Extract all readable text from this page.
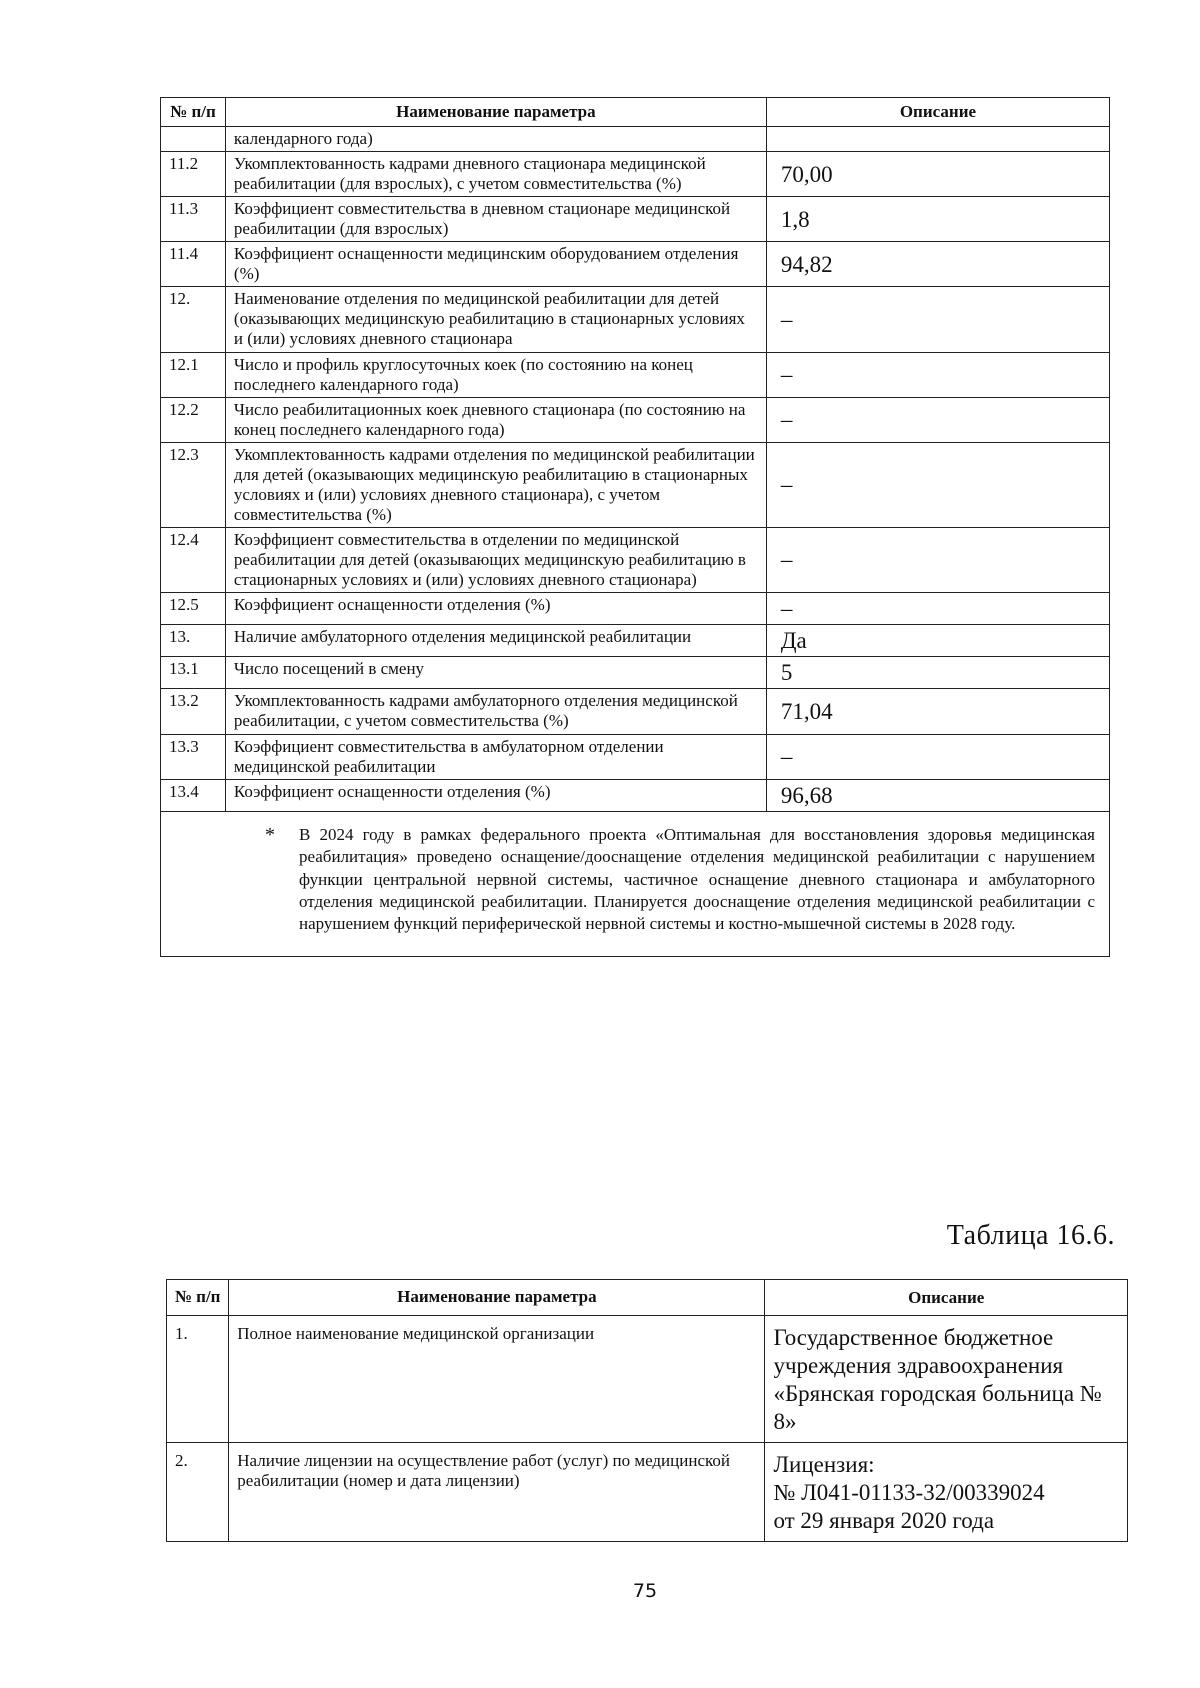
№ п/п	Наименование параметра	Описание
	календарного года)	
11.2	Укомплектованность кадрами дневного стационара медицинской реабилитации (для взрослых), с учетом совместительства (%)	70,00
11.3	Коэффициент совместительства в дневном стационаре медицинской реабилитации (для взрослых)	1,8
11.4	Коэффициент оснащенности медицинским оборудованием отделения (%)	94,82
12.	Наименование отделения по медицинской реабилитации для детей (оказывающих медицинскую реабилитацию в стационарных условиях и (или) условиях дневного стационара	–
12.1	Число и профиль круглосуточных коек (по состоянию на конец последнего календарного года)	–
12.2	Число реабилитационных коек дневного стационара (по состоянию на конец последнего календарного года)	–
12.3	Укомплектованность кадрами отделения по медицинской реабилитации для детей (оказывающих медицинскую реабилитацию в стационарных условиях и (или) условиях дневного стационара), с учетом совместительства (%)	–
12.4	Коэффициент совместительства в отделении по медицинской реабилитации для детей (оказывающих медицинскую реабилитацию в стационарных условиях и (или) условиях дневного стационара)	–
12.5	Коэффициент оснащенности отделения (%)	–
13.	Наличие амбулаторного отделения медицинской реабилитации	Да
13.1	Число посещений в смену	5
13.2	Укомплектованность кадрами амбулаторного отделения медицинской реабилитации, с учетом совместительства (%)	71,04
13.3	Коэффициент совместительства в амбулаторном отделении медицинской реабилитации	–
13.4	Коэффициент оснащенности отделения (%)	96,68

* В 2024 году в рамках федерального проекта «Оптимальная для восстановления здоровья медицинская реабилитация» проведено оснащение/дооснащение отделения медицинской реабилитации с нарушением функции центральной нервной системы, частичное оснащение дневного стационара и амбулаторного отделения медицинской реабилитации. Планируется дооснащение отделения медицинской реабилитации с нарушением функций периферической нервной системы и костно-мышечной системы в 2028 году.		
Таблица 16.6.
№ п/п	Наименование параметра	Описание
1.	Полное наименование медицинской организации	Государственное бюджетное учреждения здравоохранения «Брянская городская больница № 8»
2.	Наличие лицензии на осуществление работ (услуг) по медицинской реабилитации (номер и дата лицензии)	Лицензия:
№ Л041-01133-32/00339024
от 29 января 2020 года
75
